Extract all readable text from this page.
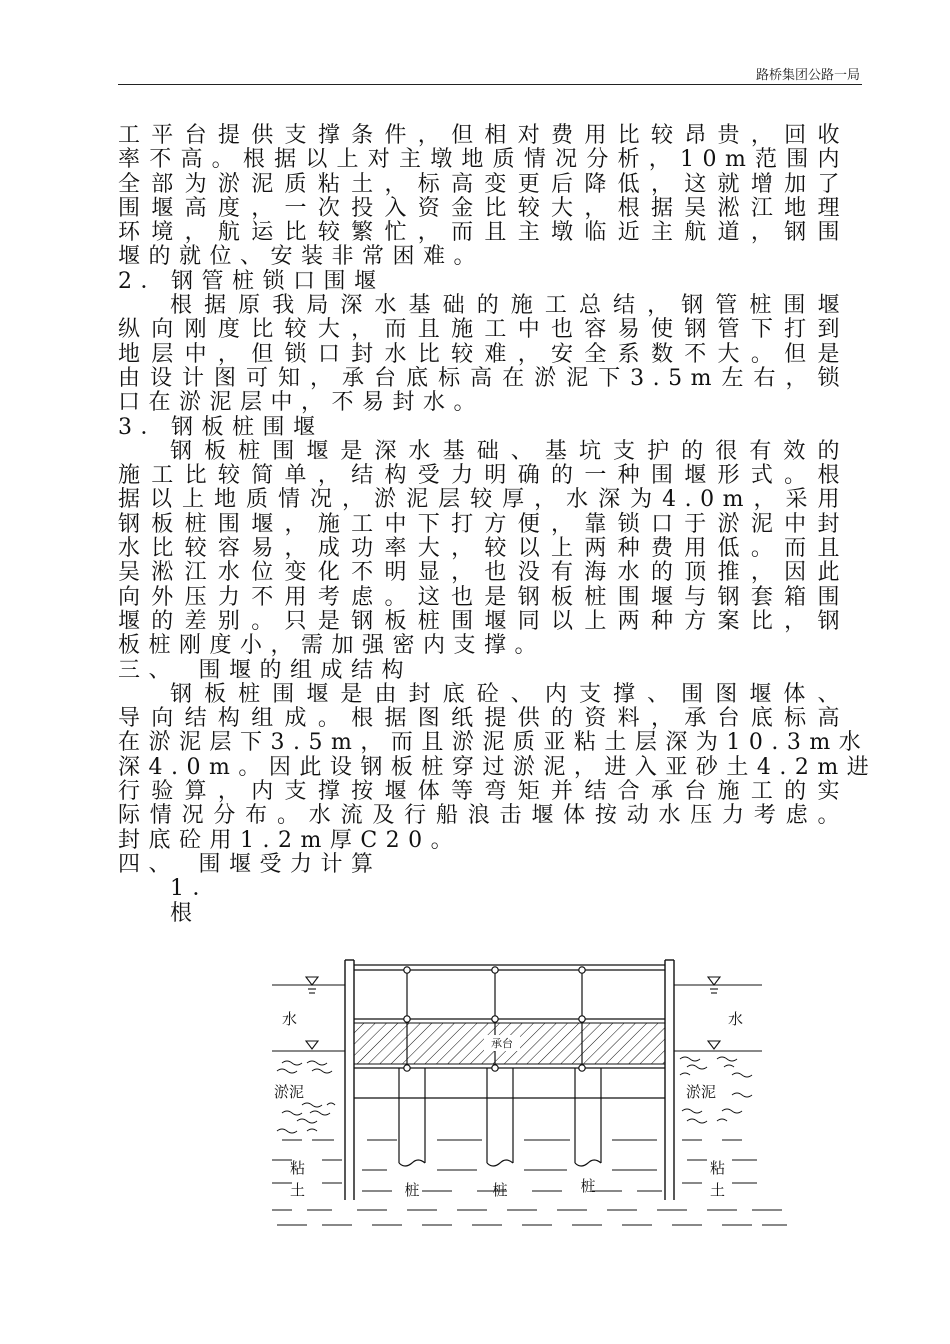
路桥集团公路一局
工平台提供支撑条件，但相对费用比较昂贵，回收
率不高。根据以上对主墩地质情况分析，10m范围内
全部为淤泥质粘土，标高变更后降低，这就增加了
围堰高度，一次投入资金比较大，根据吴淞江地理
环境，航运比较繁忙，而且主墩临近主航道，钢围
堰的就位、安装非常困难。
2．钢管桩锁口围堰
根据原我局深水基础的施工总结，钢管桩围堰
纵向刚度比较大，而且施工中也容易使钢管下打到
地层中，但锁口封水比较难，安全系数不大。但是
由设计图可知，承台底标高在淤泥下3.5m左右，锁
口在淤泥层中，不易封水。
3．钢板桩围堰
钢板桩围堰是深水基础、基坑支护的很有效的
施工比较简单，结构受力明确的一种围堰形式。根
据以上地质情况，淤泥层较厚，水深为4.0m，采用
钢板桩围堰，施工中下打方便，靠锁口于淤泥中封
水比较容易，成功率大，较以上两种费用低。而且
吴淞江水位变化不明显，也没有海水的顶推，因此
向外压力不用考虑。这也是钢板桩围堰与钢套箱围
堰的差别。只是钢板桩围堰同以上两种方案比，钢
板桩刚度小，需加强密内支撑。
三、　围堰的组成结构
钢板桩围堰是由封底砼、内支撑、围图堰体、
导向结构组成。根据图纸提供的资料，承台底标高
在淤泥层下3.5m，而且淤泥质亚粘土层深为10.3m水
深4.0m。因此设钢板桩穿过淤泥，进入亚砂土4.2m进
行验算，内支撑按堰体等弯矩并结合承台施工的实
际情况分布。水流及行船浪击堰体按动水压力考虑。
封底砼用1.2m厚C20。
四、　围堰受力计算
1．
根
承台
水	水
淤泥	淤泥
粘
土
粘
土
桩	桩	桩
